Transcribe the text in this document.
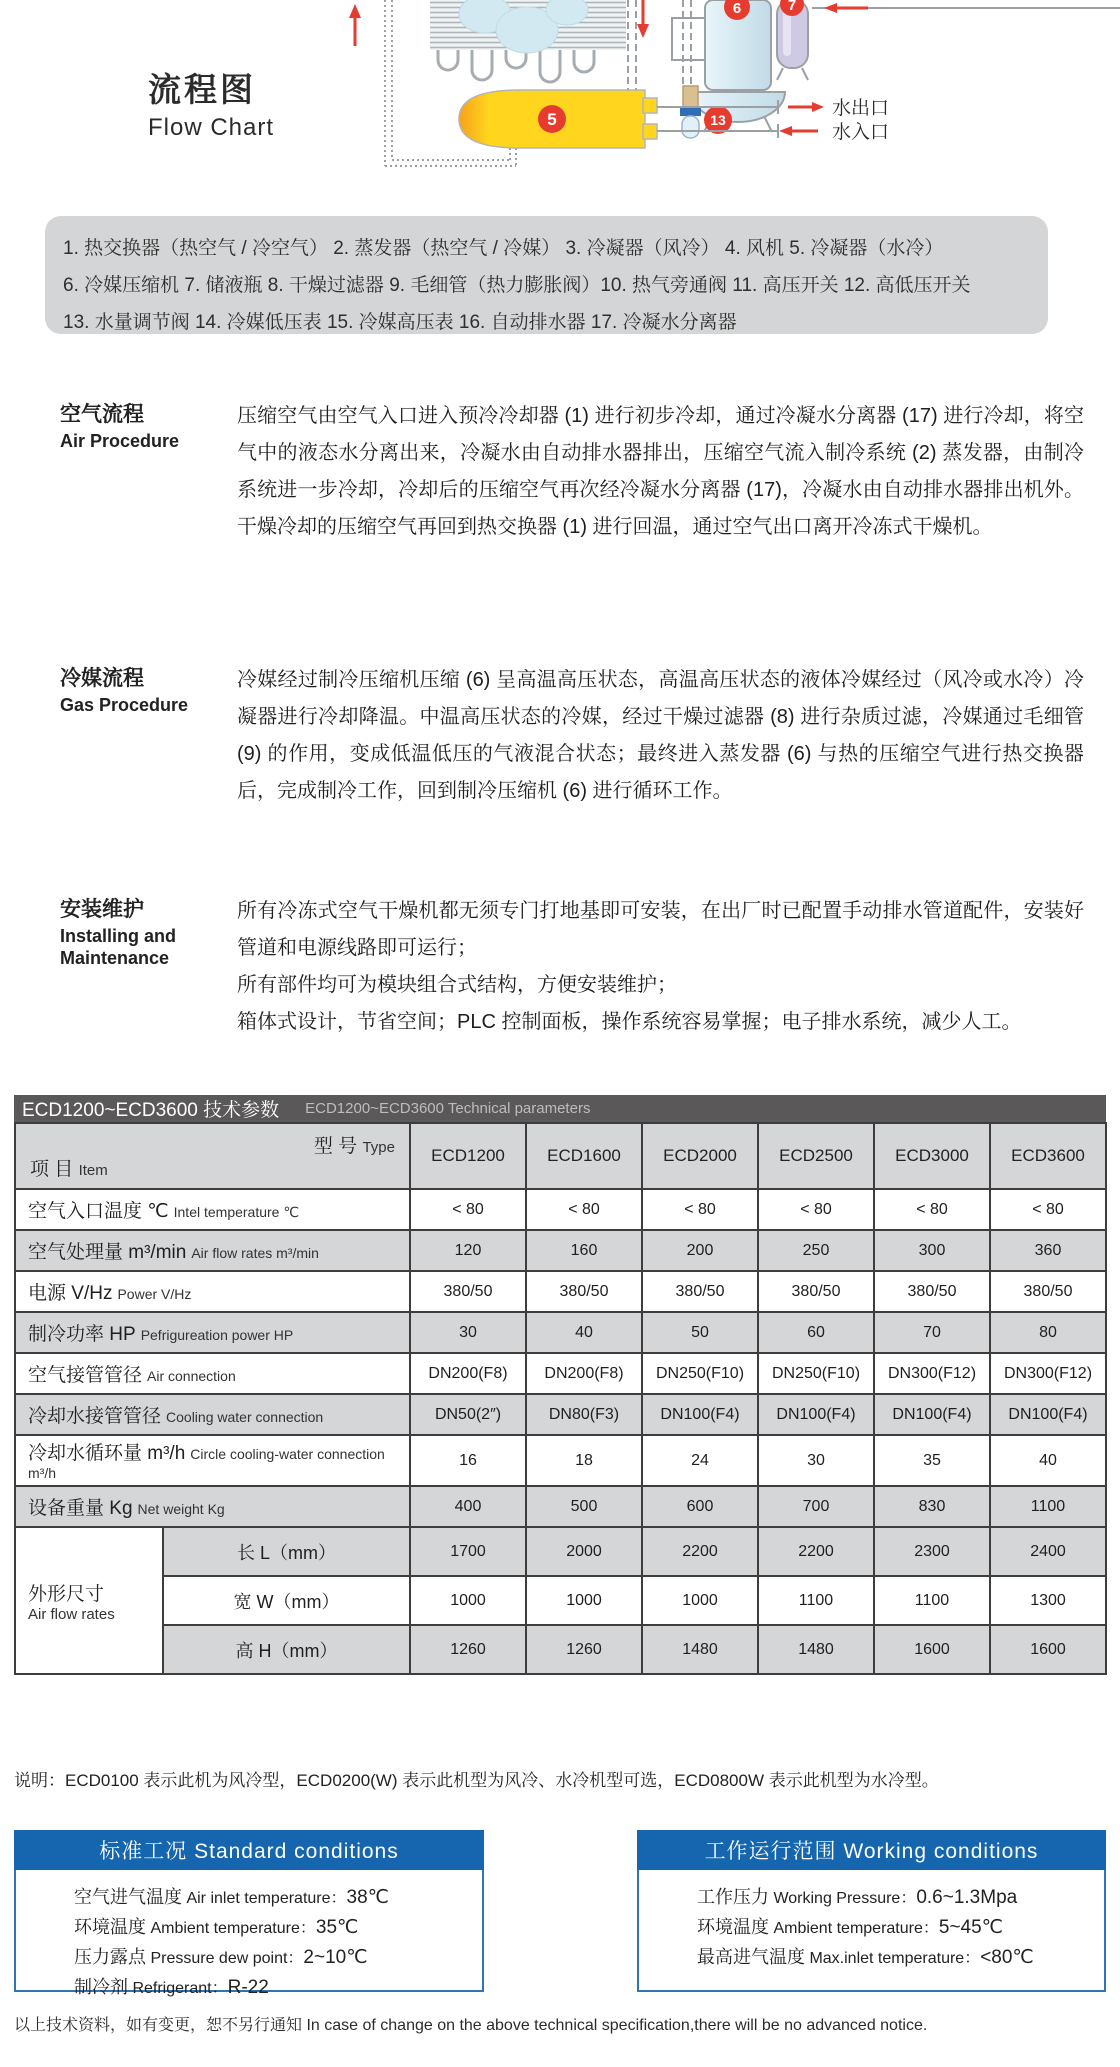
流程图
Flow Chart
6	7
5	13
水出口
水入口
1. 热交换器（热空气 / 冷空气） 2. 蒸发器（热空气 / 冷媒） 3. 冷凝器（风冷） 4. 风机 5. 冷凝器（水冷）
6. 冷媒压缩机 7. 储液瓶 8. 干燥过滤器 9. 毛细管（热力膨胀阀）10. 热气旁通阀 11. 高压开关 12. 高低压开关
13. 水量调节阀 14. 冷媒低压表 15. 冷媒高压表 16. 自动排水器 17. 冷凝水分离器
空气流程
Air Procedure

压缩空气由空气入口进入预冷冷却器 (1) 进行初步冷却，通过冷凝水分离器 (17) 进行冷却，将空气中的液态水分离出来，冷凝水由自动排水器排出，压缩空气流入制冷系统 (2) 蒸发器，由制冷系统进一步冷却，冷却后的压缩空气再次经冷凝水分离器 (17)，冷凝水由自动排水器排出机外。干燥冷却的压缩空气再回到热交换器 (1) 进行回温，通过空气出口离开冷冻式干燥机。

冷媒流程
Gas Procedure

冷媒经过制冷压缩机压缩 (6) 呈高温高压状态，高温高压状态的液体冷媒经过（风冷或水冷）冷凝器进行冷却降温。中温高压状态的冷媒，经过干燥过滤器 (8) 进行杂质过滤，冷媒通过毛细管 (9) 的作用，变成低温低压的气液混合状态；最终进入蒸发器 (6) 与热的压缩空气进行热交换器后，完成制冷工作，回到制冷压缩机 (6) 进行循环工作。

安装维护
Installing and Maintenance

所有冷冻式空气干燥机都无须专门打地基即可安装，在出厂时已配置手动排水管道配件，安装好管道和电源线路即可运行；

所有部件均可为模块组合式结构，方便安装维护；

箱体式设计，节省空间；PLC 控制面板，操作系统容易掌握；电子排水系统，减少人工。

ECD1200~ECD3600 技术参数 ECD1200~ECD3600 Technical parameters
型 号 Type
项 目 Item		ECD1200	ECD1600	ECD2000	ECD2500	ECD3000	ECD3600
空气入口温度 ℃ Intel temperature ℃		< 80	< 80	< 80	< 80	< 80	< 80
空气处理量 m³/min Air flow rates m³/min		120	160	200	250	300	360
电源 V/Hz Power V/Hz		380/50	380/50	380/50	380/50	380/50	380/50
制冷功率 HP Pefrigureation power HP		30	40	50	60	70	80
空气接管管径 Air connection		DN200(F8)	DN200(F8)	DN250(F10)	DN250(F10)	DN300(F12)	DN300(F12)
冷却水接管管径 Cooling water connection		DN50(2″)	DN80(F3)	DN100(F4)	DN100(F4)	DN100(F4)	DN100(F4)
冷却水循环量 m³/h Circle cooling-water connection m³/h		16	18	24	30	35	40
设备重量 Kg Net weight Kg		400	500	600	700	830	1100

外形尺寸
Air flow rates	长 L（mm）	1700	2000	2200	2200	2300	2400
	宽 W（mm）	1000	1000	1000	1100	1100	1300
	高 H（mm）	1260	1260	1480	1480	1600	1600
说明：ECD0100 表示此机为风冷型，ECD0200(W) 表示此机型为风冷、水冷机型可选，ECD0800W 表示此机型为水冷型。
标准工况 Standard conditions
空气进气温度 Air inlet temperature：38℃
环境温度 Ambient temperature：35℃
压力露点 Pressure dew point：2~10℃
制冷剂 Refrigerant：R-22
工作运行范围 Working conditions
工作压力 Working Pressure：0.6~1.3Mpa
环境温度 Ambient temperature：5~45℃
最高进气温度 Max.inlet temperature：<80℃
以上技术资料，如有变更，恕不另行通知 In case of change on the above technical specification,there will be no advanced notice.
